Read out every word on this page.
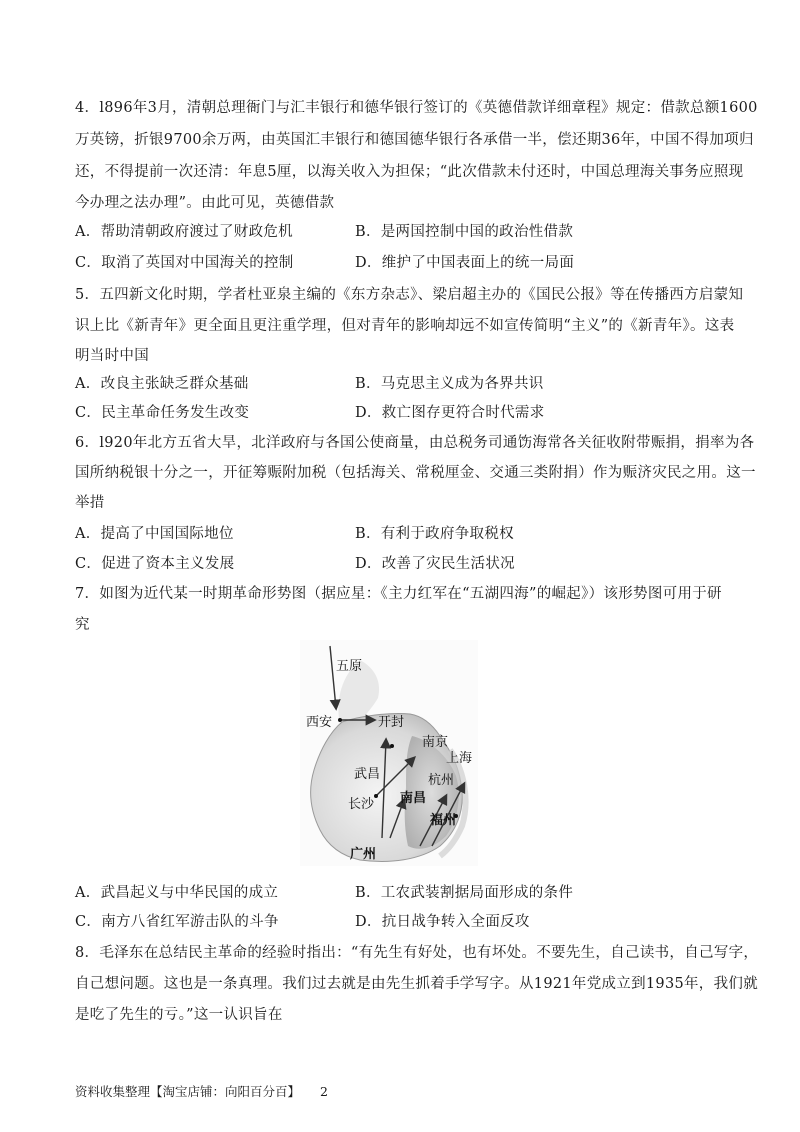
4．l896年3月，清朝总理衙门与汇丰银行和德华银行签订的《英德借款详细章程》规定：借款总额1600
万英镑，折银9700余万两，由英国汇丰银行和德国德华银行各承借一半，偿还期36年，中国不得加项归
还，不得提前一次还清：年息5厘，以海关收入为担保；“此次借款未付还时，中国总理海关事务应照现
今办理之法办理”。由此可见，英德借款
A．帮助清朝政府渡过了财政危机	B．是两国控制中国的政治性借款
C．取消了英国对中国海关的控制	D．维护了中国表面上的统一局面
5．五四新文化时期，学者杜亚泉主编的《东方杂志》、梁启超主办的《国民公报》等在传播西方启蒙知
识上比《新青年》更全面且更注重学理，但对青年的影响却远不如宣传简明“主义”的《新青年》。这表
明当时中国
A．改良主张缺乏群众基础	B．马克思主义成为各界共识
C．民主革命任务发生改变	D．救亡图存更符合时代需求
6．l920年北方五省大旱，北洋政府与各国公使商量，由总税务司通饬海常各关征收附带赈捐，捐率为各
国所纳税银十分之一，开征筹赈附加税（包括海关、常税厘金、交通三类附捐）作为赈济灾民之用。这一
举措
A．提高了中国国际地位	B．有利于政府争取税权
C．促进了资本主义发展	D．改善了灾民生活状况
7．如图为近代某一时期革命形势图（据应星：《主力红军在“五湖四海”的崛起》）该形势图可用于研
究
五原
西安	开封
南京
上海
武昌	杭州
长沙 南昌
福州
广州
A．武昌起义与中华民国的成立	B．工农武装割据局面形成的条件
C．南方八省红军游击队的斗争	D．抗日战争转入全面反攻
8．毛泽东在总结民主革命的经验时指出：“有先生有好处，也有坏处。不要先生，自己读书，自己写字，
自己想问题。这也是一条真理。我们过去就是由先生抓着手学写字。从1921年党成立到1935年，我们就
是吃了先生的亏。”这一认识旨在
资料收集整理【淘宝店铺：向阳百分百】 2
